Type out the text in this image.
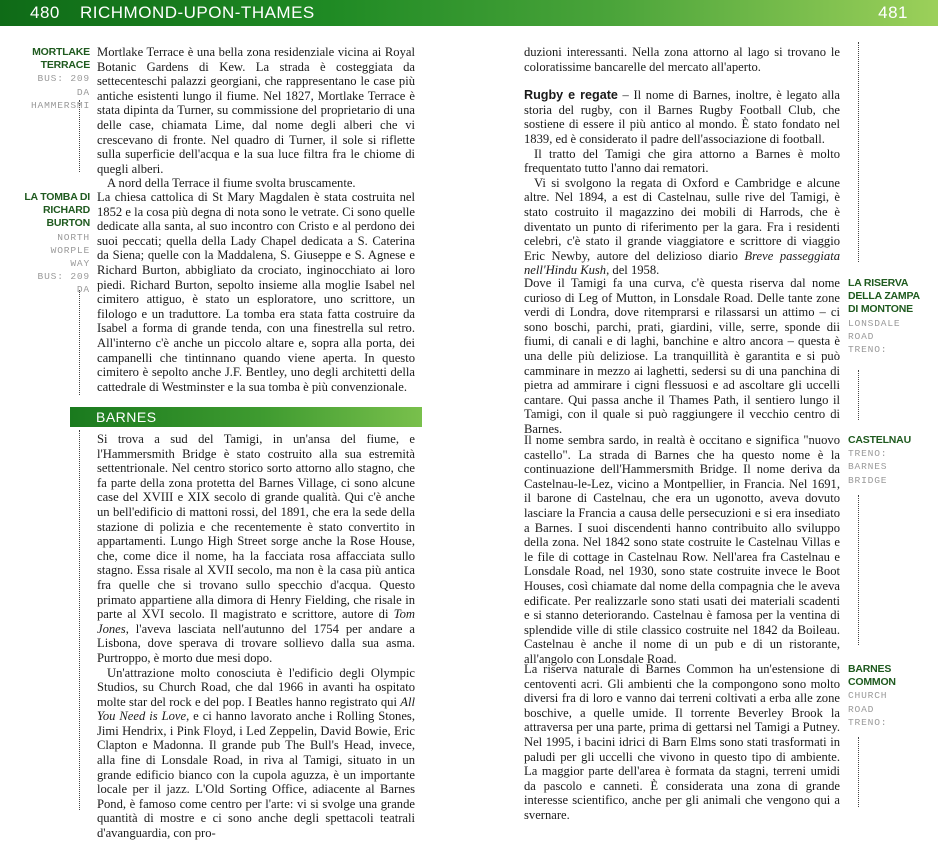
480 RICHMOND-UPON-THAMES	481
MORTLAKE
TERRACE
BUS: 209
DA
HAMMERSMI

Mortlake Terrace è una bella zona residenziale vicina ai Royal Botanic Gardens di Kew. La strada è costeggiata da settecenteschi palazzi georgiani, che rappresentano le case più antiche esistenti lungo il fiume. Nel 1827, Mortlake Terrace è stata dipinta da Turner, su commissione del proprietario di una delle case, chiamata Lime, dal nome degli alberi che vi crescevano di fronte. Nel quadro di Turner, il sole si riflette sulla superficie dell'acqua e la sua luce filtra fra le chiome di quegli alberi.

A nord della Terrace il fiume svolta bruscamente.

LA TOMBA DI
RICHARD BURTON
NORTH
WORPLE
WAY
BUS: 209
DA

La chiesa cattolica di St Mary Magdalen è stata costruita nel 1852 e la cosa più degna di nota sono le vetrate. Ci sono quelle dedicate alla santa, al suo incontro con Cristo e al perdono dei suoi peccati; quella della Lady Chapel dedicata a S. Caterina da Siena; quelle con la Maddalena, S. Giuseppe e S. Agnese e Richard Burton, abbigliato da crociato, inginocchiato ai loro piedi. Richard Burton, sepolto insieme alla moglie Isabel nel cimitero attiguo, è stato un esploratore, uno scrittore, un filologo e un traduttore. La tomba era stata fatta costruire da Isabel a forma di grande tenda, con una finestrella sul retro. All'interno c'è anche un piccolo altare e, sopra alla porta, dei campanelli che tintinnano quando viene aperta. In questo cimitero è sepolto anche J.F. Bentley, uno degli architetti della cattedrale di Westminster e la sua tomba è più convenzionale.

BARNES

Si trova a sud del Tamigi, in un'ansa del fiume, e l'Hammersmith Bridge è stato costruito alla sua estremità settentrionale. Nel centro storico sorto attorno allo stagno, che fa parte della zona protetta del Barnes Village, ci sono alcune case del XVIII e XIX secolo di grande qualità. Qui c'è anche un bell'edificio di mattoni rossi, del 1891, che era la sede della stazione di polizia e che recentemente è stato convertito in appartamenti. Lungo High Street sorge anche la Rose House, che, come dice il nome, ha la facciata rosa affacciata sullo stagno. Essa risale al XVII secolo, ma non è la casa più antica fra quelle che si trovano sullo specchio d'acqua. Questo primato appartiene alla dimora di Henry Fielding, che risale in parte al XVI secolo. Il magistrato e scrittore, autore di Tom Jones, l'aveva lasciata nell'autunno del 1754 per andare a Lisbona, dove sperava di trovare sollievo dalla sua asma. Purtroppo, è morto due mesi dopo.

Un'attrazione molto conosciuta è l'edificio degli Olympic Studios, su Church Road, che dal 1966 in avanti ha ospitato molte star del rock e del pop. I Beatles hanno registrato qui All You Need is Love, e ci hanno lavorato anche i Rolling Stones, Jimi Hendrix, i Pink Floyd, i Led Zeppelin, David Bowie, Eric Clapton e Madonna. Il grande pub The Bull's Head, invece, alla fine di Lonsdale Road, in riva al Tamigi, situato in un grande edificio bianco con la cupola aguzza, è un importante locale per il jazz. L'Old Sorting Office, adiacente al Barnes Pond, è famoso come centro per l'arte: vi si svolge una grande quantità di mostre e ci sono anche degli spettacoli teatrali d'avanguardia, con pro-

duzioni interessanti. Nella zona attorno al lago si trovano le coloratissime bancarelle del mercato all'aperto.

Rugby e regate – Il nome di Barnes, inoltre, è legato alla storia del rugby, con il Barnes Rugby Football Club, che sostiene di essere il più antico al mondo. È stato fondato nel 1839, ed è considerato il padre dell'associazione di football.

Il tratto del Tamigi che gira attorno a Barnes è molto frequentato tutto l'anno dai rematori.

Vi si svolgono la regata di Oxford e Cambridge e alcune altre. Nel 1894, a est di Castelnau, sulle rive del Tamigi, è stato costruito il magazzino dei mobili di Harrods, che è diventato un punto di riferimento per la gara. Fra i residenti celebri, c'è stato il grande viaggiatore e scrittore di viaggio Eric Newby, autore del delizioso diario Breve passeggiata nell'Hindu Kush, del 1958.

Dove il Tamigi fa una curva, c'è questa riserva dal nome curioso di Leg of Mutton, in Lonsdale Road. Delle tante zone verdi di Londra, dove ritemprarsi e rilassarsi un attimo – ci sono boschi, parchi, prati, giardini, ville, serre, sponde dii fiumi, di canali e di laghi, banchine e altro ancora – questa è una delle più deliziose. La tranquillità è garantita e si può camminare in mezzo ai laghetti, sedersi su di una panchina di pietra ad ammirare i cigni flessuosi e ad ascoltare gli uccelli cantare. Qui passa anche il Thames Path, il sentiero lungo il Tamigi, con il quale si può raggiungere il vecchio centro di Barnes.

LA RISERVA
DELLA ZAMPA
DI MONTONE
LONSDALE
ROAD
TRENO:

Il nome sembra sardo, in realtà è occitano e significa "nuovo castello". La strada di Barnes che ha questo nome è la continuazione dell'Hammersmith Bridge. Il nome deriva da Castelnau-le-Lez, vicino a Montpellier, in Francia. Nel 1691, il barone di Castelnau, che era un ugonotto, aveva dovuto lasciare la Francia a causa delle persecuzioni e si era insediato a Barnes. I suoi discendenti hanno contribuito allo sviluppo della zona. Nel 1842 sono state costruite le Castelnau Villas e le file di cottage in Castelnau Row. Nell'area fra Castelnau e Lonsdale Road, nel 1930, sono state costruite invece le Boot Houses, così chiamate dal nome della compagnia che le aveva edificate. Per realizzarle sono stati usati dei materiali scadenti e si stanno deteriorando. Castelnau è famosa per la ventina di splendide ville di stile classico costruite nel 1842 da Boileau. Castelnau è anche il nome di un pub e di un ristorante, all'angolo con Lonsdale Road.

CASTELNAU
TRENO:
BARNES
BRIDGE

La riserva naturale di Barnes Common ha un'estensione di centoventi acri. Gli ambienti che la compongono sono molto diversi fra di loro e vanno dai terreni coltivati a erba alle zone boschive, a quelle umide. Il torrente Beverley Brook la attraversa per una parte, prima di gettarsi nel Tamigi a Putney. Nel 1995, i bacini idrici di Barn Elms sono stati trasformati in paludi per gli uccelli che vivono in questo tipo di ambiente. La maggior parte dell'area è formata da stagni, terreni umidi da pascolo e canneti. È considerata una zona di grande interesse scientifico, anche per gli animali che vengono qui a svernare.

BARNES
COMMON
CHURCH
ROAD
TRENO:
